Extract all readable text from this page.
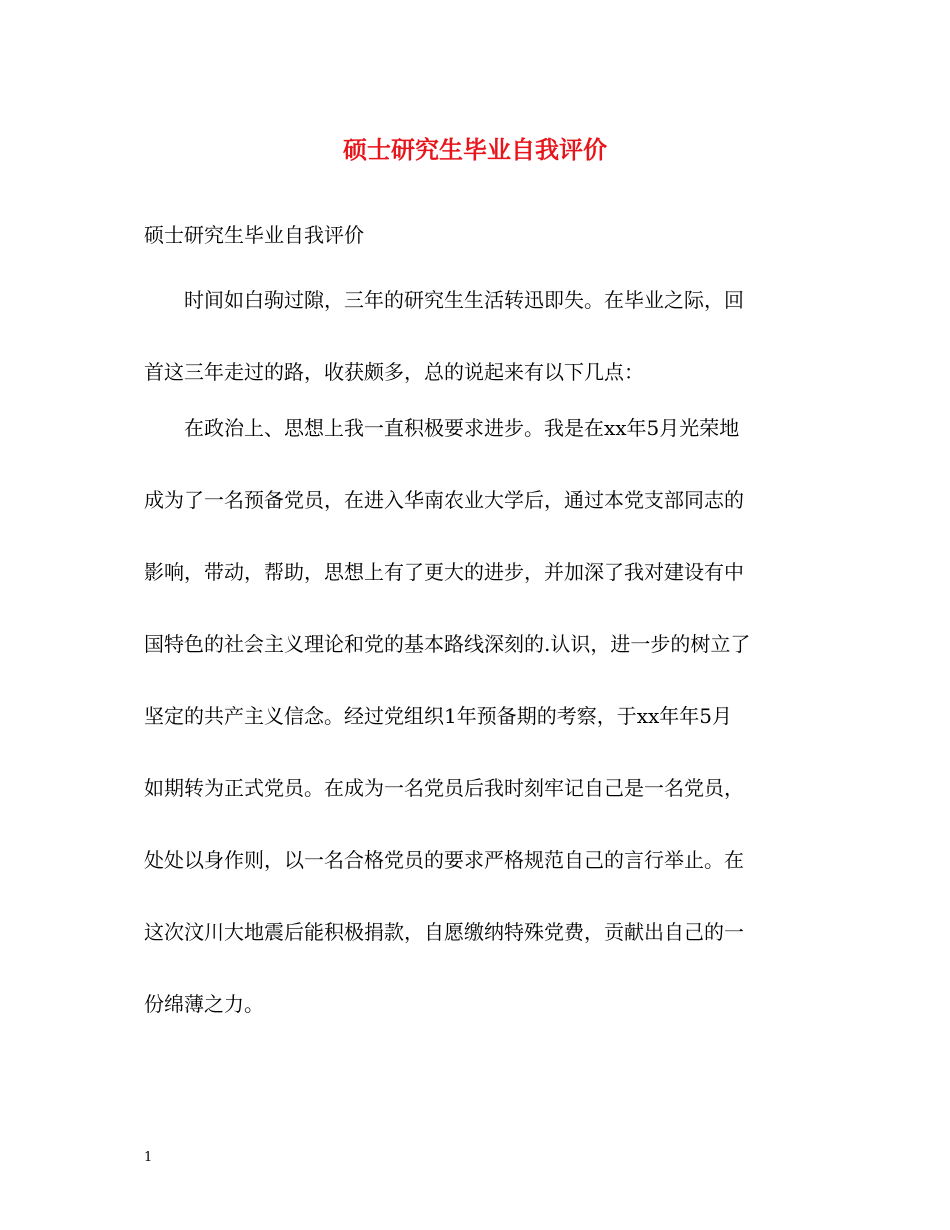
硕士研究生毕业自我评价

硕士研究生毕业自我评价

　　时间如白驹过隙，三年的研究生生活转迅即失。在毕业之际，回
首这三年走过的路，收获颇多，总的说起来有以下几点：
　　在政治上、思想上我一直积极要求进步。我是在xx年5月光荣地
成为了一名预备党员，在进入华南农业大学后，通过本党支部同志的
影响，带动，帮助，思想上有了更大的进步，并加深了我对建设有中
国特色的社会主义理论和党的基本路线深刻的.认识，进一步的树立了
坚定的共产主义信念。经过党组织1年预备期的考察，于xx年年5月
如期转为正式党员。在成为一名党员后我时刻牢记自己是一名党员，
处处以身作则，以一名合格党员的要求严格规范自己的言行举止。在
这次汶川大地震后能积极捐款，自愿缴纳特殊党费，贡献出自己的一
份绵薄之力。

1
